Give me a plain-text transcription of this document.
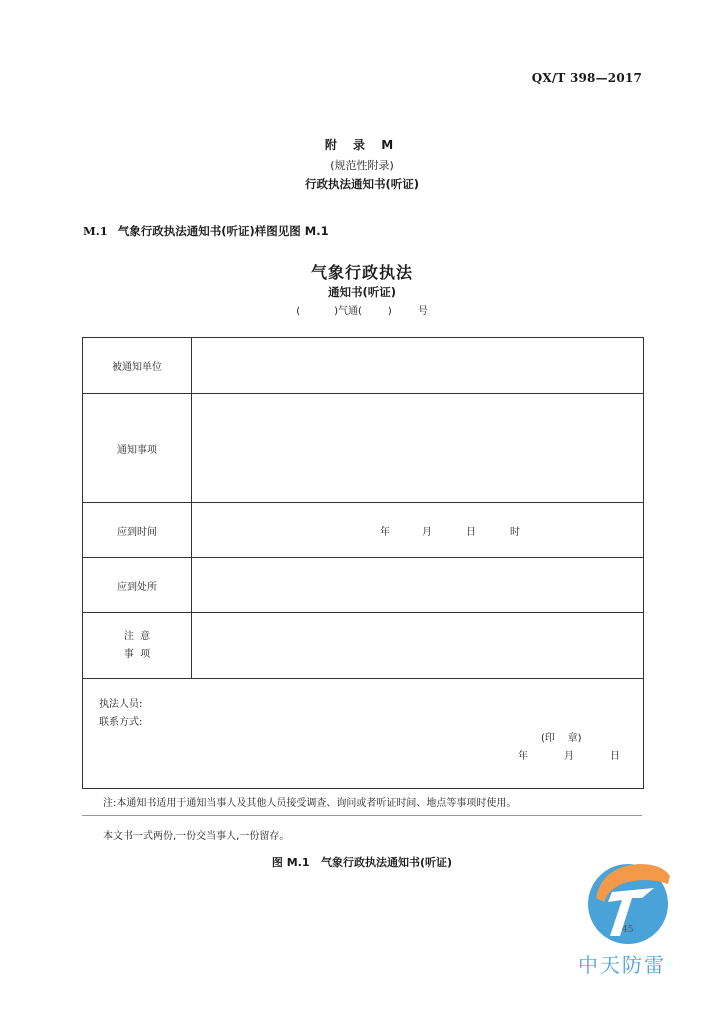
QX/T 398—2017
附 录 M
(规范性附录)
行政执法通知书(听证)
M.1 气象行政执法通知书(听证)样图见图 M.1
气象行政执法
通知书(听证)
(	)气通(	)	号
被通知单位	
通知事项	
应到时间	年 月 日 时
应到处所	

注  意
事  项	

执法人员:
联系方式:
(印    章)
年 月 日	
注:本通知书适用于通知当事人及其他人员接受调查、询问或者听证时间、地点等事项时使用。
本文书一式两份,一份交当事人,一份留存。
图 M.1   气象行政执法通知书(听证)
45
中天防雷
